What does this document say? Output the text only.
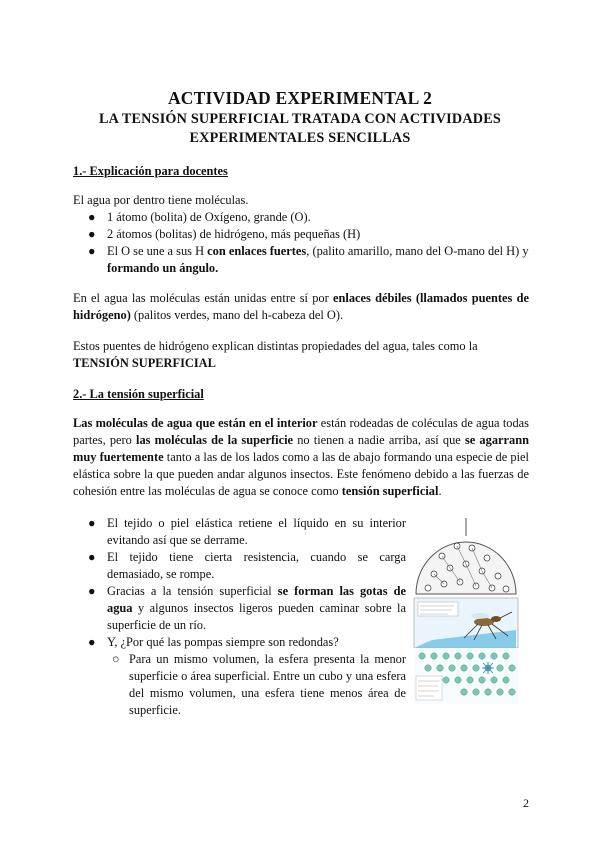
ACTIVIDAD EXPERIMENTAL 2
LA TENSIÓN SUPERFICIAL TRATADA CON ACTIVIDADES
EXPERIMENTALES SENCILLAS

1.- Explicación para docentes

El agua por dentro tiene moléculas.

● 1 átomo (bolita) de Oxígeno, grande (O).
● 2 átomos (bolitas) de hidrógeno, más pequeñas (H)
● El O se une a sus H con enlaces fuertes, (palito amarillo, mano del O-mano del H) y formando un ángulo.

En el agua las moléculas están unidas entre sí por enlaces débiles (llamados puentes de hidrógeno) (palitos verdes, mano del h-cabeza del O).

Estos puentes de hidrógeno explican distintas propiedades del agua, tales como la TENSIÓN SUPERFICIAL

2.- La tensión superficial

Las moléculas de agua que están en el interior están rodeadas de coléculas de agua todas partes, pero las moléculas de la superficie no tienen a nadie arriba, así que se agarrann muy fuertemente tanto a las de los lados como a las de abajo formando una especie de piel elástica sobre la que pueden andar algunos insectos. Este fenómeno debido a las fuerzas de cohesión entre las moléculas de agua se conoce como tensión superficial.

● El tejido o piel elástica retiene el líquido en su interior evitando así que se derrame.
● El tejido tiene cierta resistencia, cuando se carga demasiado, se rompe.
● Gracias a la tensión superficial se forman las gotas de agua y algunos insectos ligeros pueden caminar sobre la superficie de un río.
● Y, ¿Por qué las pompas siempre son redondas?
○ Para un mismo volumen, la esfera presenta la menor superficie o área superficial. Entre un cubo y una esfera del mismo volumen, una esfera tiene menos área de superficie.
2
